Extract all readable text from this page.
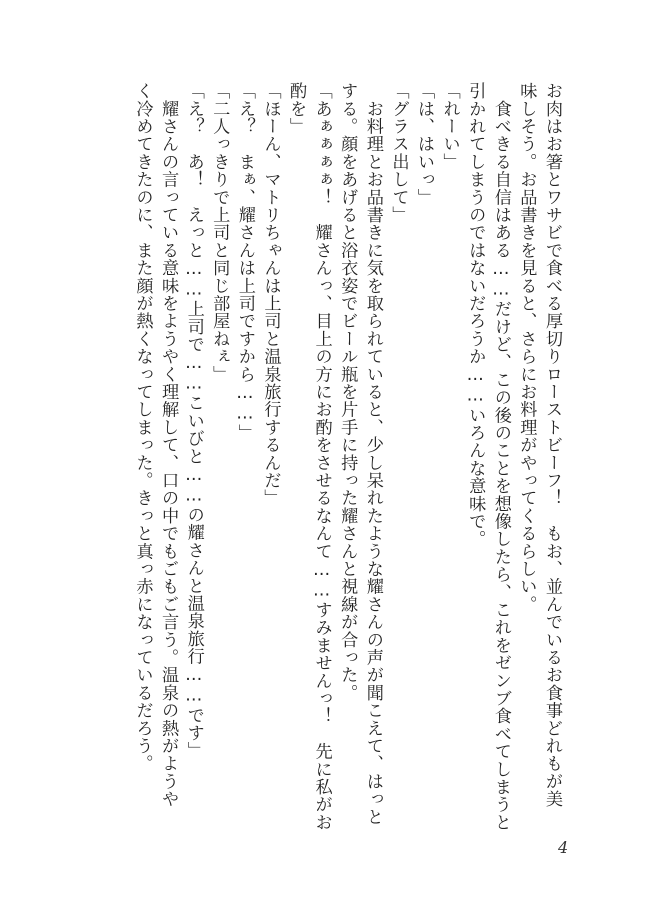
お肉はお箸とワサビで食べる厚切りローストビーフ！　もお、並んでいるお食事どれもが美
味しそう。お品書きを見ると、さらにお料理がやってくるらしい。
　食べきる自信はある……だけど、この後のことを想像したら、これをゼンブ食べてしまうと
引かれてしまうのではないだろうか……いろんな意味で。
「れーい」
「は、はいっ」
「グラス出して」
　お料理とお品書きに気を取られていると、少し呆れたような耀さんの声が聞こえて、はっと
する。顔をあげると浴衣姿でビール瓶を片手に持った耀さんと視線が合った。
「あぁぁぁぁ！　耀さんっ、目上の方にお酌をさせるなんて……すみませんっ！　先に私がお
酌を」
「ほーん、マトリちゃんは上司と温泉旅行するんだ」
「え？　まぁ、耀さんは上司ですから……」
「二人っきりで上司と同じ部屋ねぇ」
「え？　あ！　えっと……上司で……こいびと……の耀さんと温泉旅行……です」
　耀さんの言っている意味をようやく理解して、口の中でもごもご言う。温泉の熱がようや
く冷めてきたのに、また顔が熱くなってしまった。きっと真っ赤になっているだろう。
4
